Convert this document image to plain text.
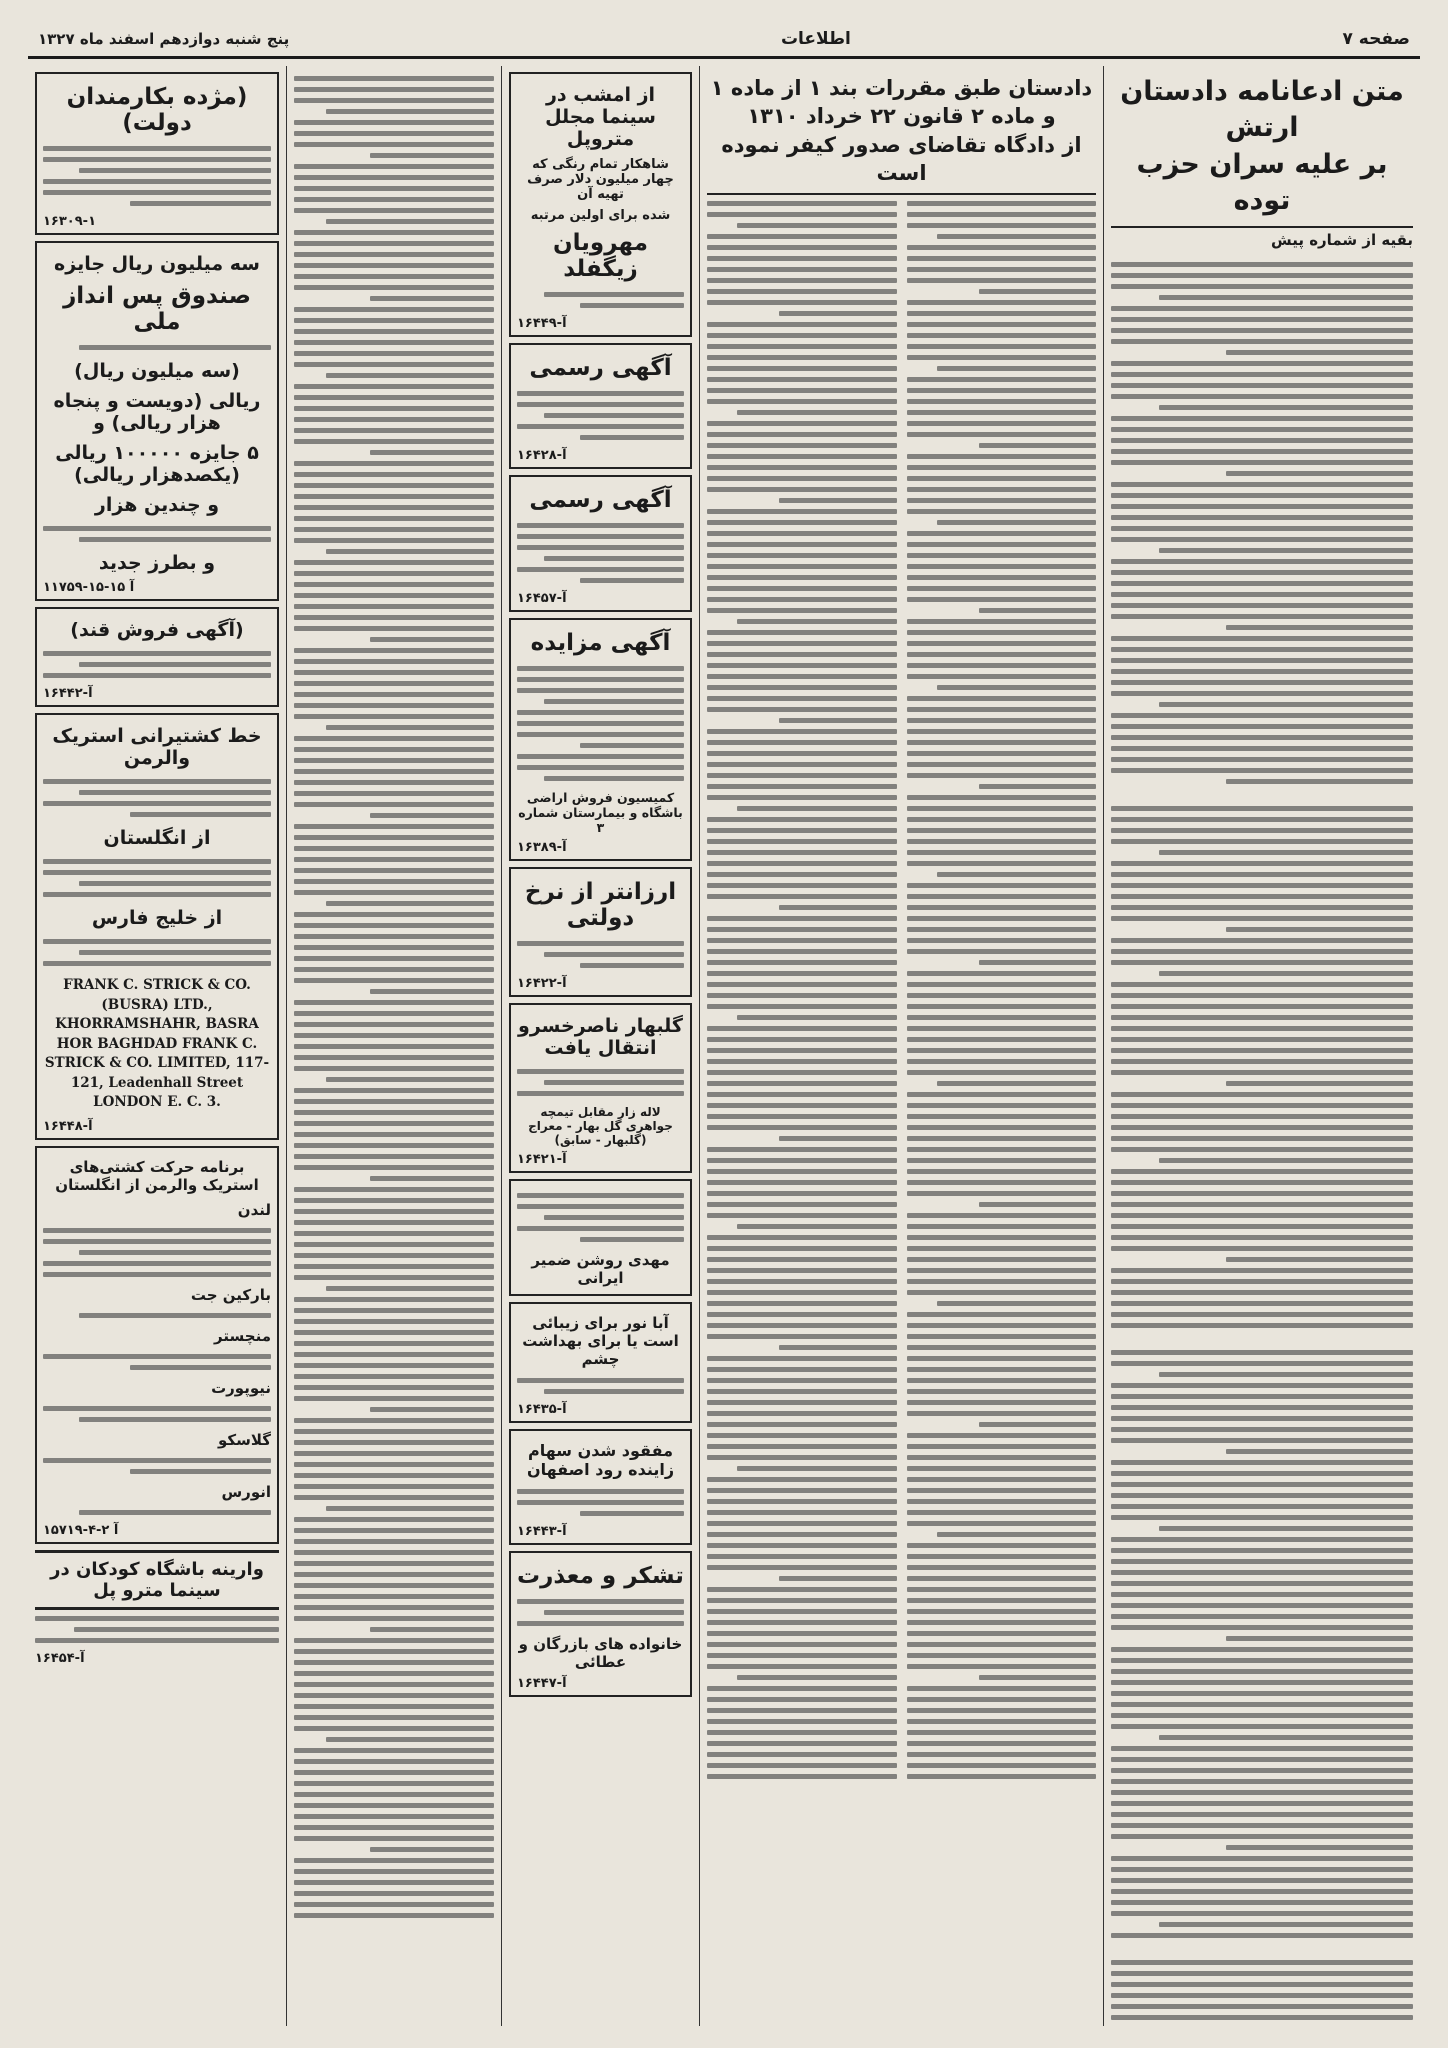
صفحه ۷
اطلاعات
پنج شنبه دوازدهم اسفند ماه ۱۳۲۷
متن ادعانامه دادستان ارتش
بر علیه سران حزب توده
بقیه از شماره پیش
دادستان طبق مقررات بند ۱ از ماده ۱ و ماده ۲ قانون ۲۲ خرداد ۱۳۱۰
از دادگاه تقاضای صدور کیفر نموده است
از امشب در سینما مجلل متروپل
شاهکار تمام رنگی که چهار میلیون دلار صرف تهیه آن
شده برای اولین مرتبه
مهرویان زیگفلد
۱۶۴۴۹-آ
آگهی رسمی
۱۶۴۲۸-آ
آگهی رسمی
۱۶۴۵۷-آ
آگهی مزایده
کمیسیون فروش اراضی باشگاه و بیمارستان شماره ۳
۱۶۳۸۹-آ
ارزانتر از نرخ دولتی
۱۶۴۲۲-آ
گلبهار ناصرخسرو انتقال یافت
لاله زار مقابل تیمچه جواهری گل بهار - معراج (گلبهار - سابق)
۱۶۴۲۱-آ
مهدی روشن ضمیر ایرانی
آبا نور برای زیبائی است یا برای بهداشت چشم
۱۶۴۳۵-آ
مفقود شدن سهام زاینده رود اصفهان
۱۶۴۴۳-آ
تشکر و معذرت
خانواده های بازرگان و عطائی
۱۶۴۴۷-آ
(مژده بکارمندان دولت)
۱۶۳۰۹-۱
سه میلیون ریال جایزه
صندوق پس انداز ملی
(سه میلیون ریال)
ریالی (دویست و پنجاه هزار ریالی) و
۵ جایزه ۱۰۰۰۰۰ ریالی (یکصدهزار ریالی)
و چندین هزار
و بطرز جدید
۱۱۷۵۹-آ ۱۵-۱۵
(آگهی فروش قند)
۱۶۴۴۲-آ
خط کشتیرانی استریک والرمن
از انگلستان
از خلیج فارس
FRANK C. STRICK & CO. (BUSRA) LTD., KHORRAMSHAHR, BASRA HOR BAGHDAD FRANK C. STRICK & CO. LIMITED, 117-121, Leadenhall Street LONDON E. C. 3.
۱۶۴۴۸-آ
برنامه حرکت کشتی‌های استریک والرمن از انگلستان
لندن
بارکین جت
منچستر
نیوپورت
گلاسکو
انورس
۱۵۷۱۹-آ ۲-۴
وارینه باشگاه کودکان در سینما مترو پل
۱۶۴۵۴-آ
